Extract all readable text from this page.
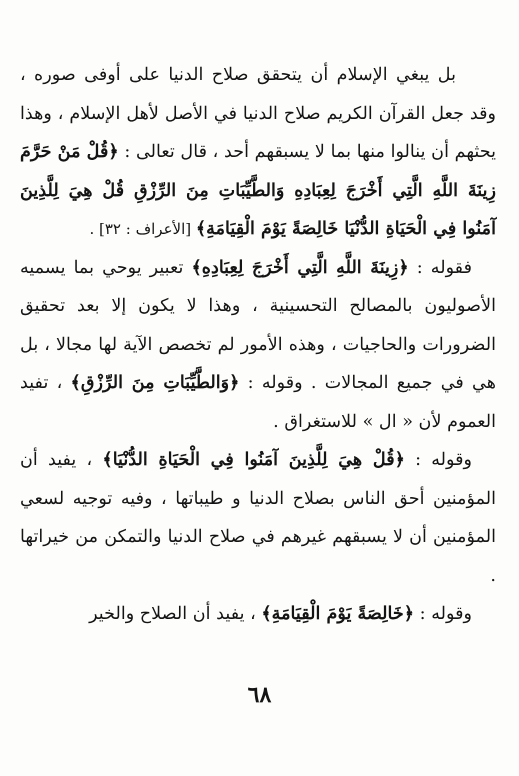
بل يبغي الإسلام أن يتحقق صلاح الدنيا على أوفى صوره ، وقد جعل القرآن الكريم صلاح الدنيا في الأصل لأهل الإسلام ، وهذا يحثهم أن ينالوا منها بما لا يسبقهم أحد ، قال تعالى : ﴿قُلْ مَنْ حَرَّمَ زِينَةَ اللَّهِ الَّتِي أَخْرَجَ لِعِبَادِهِ وَالطَّيِّبَاتِ مِنَ الرِّزْقِ قُلْ هِيَ لِلَّذِينَ آمَنُوا فِي الْحَيَاةِ الدُّنْيَا خَالِصَةً يَوْمَ الْقِيَامَةِ﴾ [الأعراف : ٣٢] .

فقوله : ﴿زِينَةَ اللَّهِ الَّتِي أَخْرَجَ لِعِبَادِهِ﴾ تعبير يوحي بما يسميه الأصوليون بالمصالح التحسينية ، وهذا لا يكون إلا بعد تحقيق الضرورات والحاجيات ، وهذه الأمور لم تخصص الآية لها مجالا ، بل هي في جميع المجالات . وقوله : ﴿وَالطَّيِّبَاتِ مِنَ الرِّزْقِ﴾ ، تفيد العموم لأن « ال » للاستغراق .

وقوله : ﴿قُلْ هِيَ لِلَّذِينَ آمَنُوا فِي الْحَيَاةِ الدُّنْيَا﴾ ، يفيد أن المؤمنين أحق الناس بصلاح الدنيا و طيباتها ، وفيه توجيه لسعي المؤمنين أن لا يسبقهم غيرهم في صلاح الدنيا والتمكن من خيراتها .

وقوله : ﴿خَالِصَةً يَوْمَ الْقِيَامَةِ﴾ ، يفيد أن الصلاح والخير

٦٨
